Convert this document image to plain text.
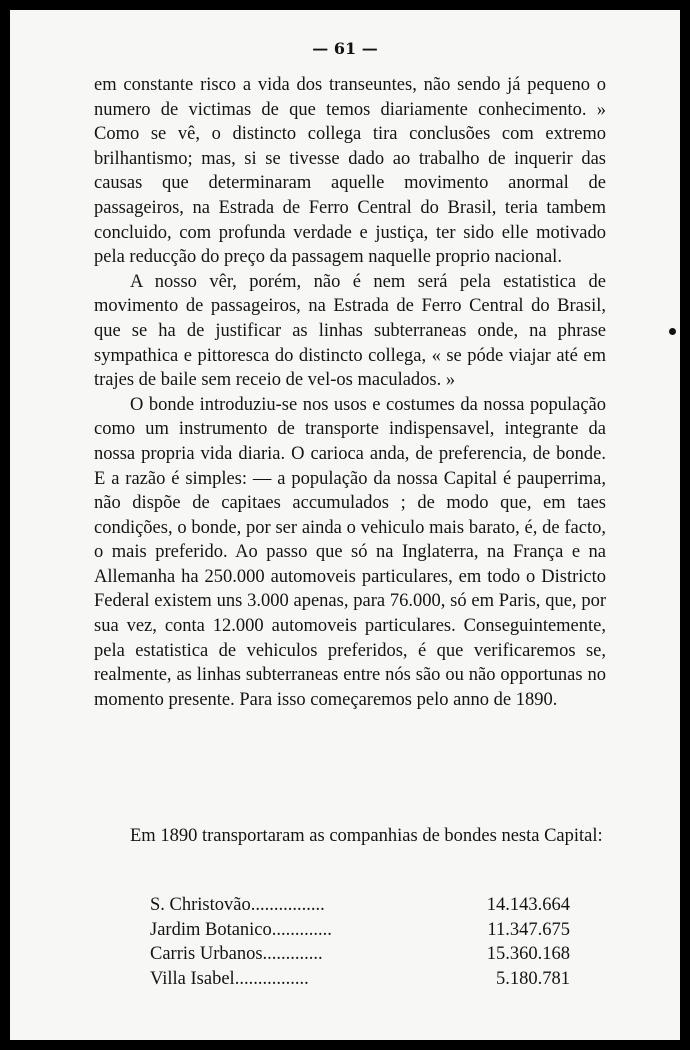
— 61 —

em constante risco a vida dos transeuntes, não sendo já pequeno o numero de victimas de que temos diariamente conhecimento. » Como se vê, o distincto collega tira conclusões com extremo brilhantismo; mas, si se tivesse dado ao trabalho de inquerir das causas que determinaram aquelle movimento anormal de passageiros, na Estrada de Ferro Central do Brasil, teria tambem concluido, com profunda verdade e justiça, ter sido elle motivado pela reducção do preço da passagem naquelle proprio nacional.

A nosso vêr, porém, não é nem será pela estatistica de movimento de passageiros, na Estrada de Ferro Central do Brasil, que se ha de justificar as linhas subterraneas onde, na phrase sympathica e pittoresca do distincto collega, « se póde viajar até em trajes de baile sem receio de vel-os maculados. »

O bonde introduziu-se nos usos e costumes da nossa população como um instrumento de transporte indispensavel, integrante da nossa propria vida diaria. O carioca anda, de preferencia, de bonde. E a razão é simples: — a população da nossa Capital é pauperrima, não dispõe de capitaes accumulados ; de modo que, em taes condições, o bonde, por ser ainda o vehiculo mais barato, é, de facto, o mais preferido. Ao passo que só na Inglaterra, na França e na Allemanha ha 250.000 automoveis particulares, em todo o Districto Federal existem uns 3.000 apenas, para 76.000, só em Paris, que, por sua vez, conta 12.000 automoveis particulares. Conseguintemente, pela estatistica de vehiculos preferidos, é que verificaremos se, realmente, as linhas subterraneas entre nós são ou não opportunas no momento presente. Para isso começaremos pelo anno de 1890.

Em 1890 transportaram as companhias de bondes nesta Capital:

S. Christovão................	14.143.664
Jardim Botanico.............	11.347.675
Carris Urbanos.............	15.360.168
Villa Isabel................	5.180.781
